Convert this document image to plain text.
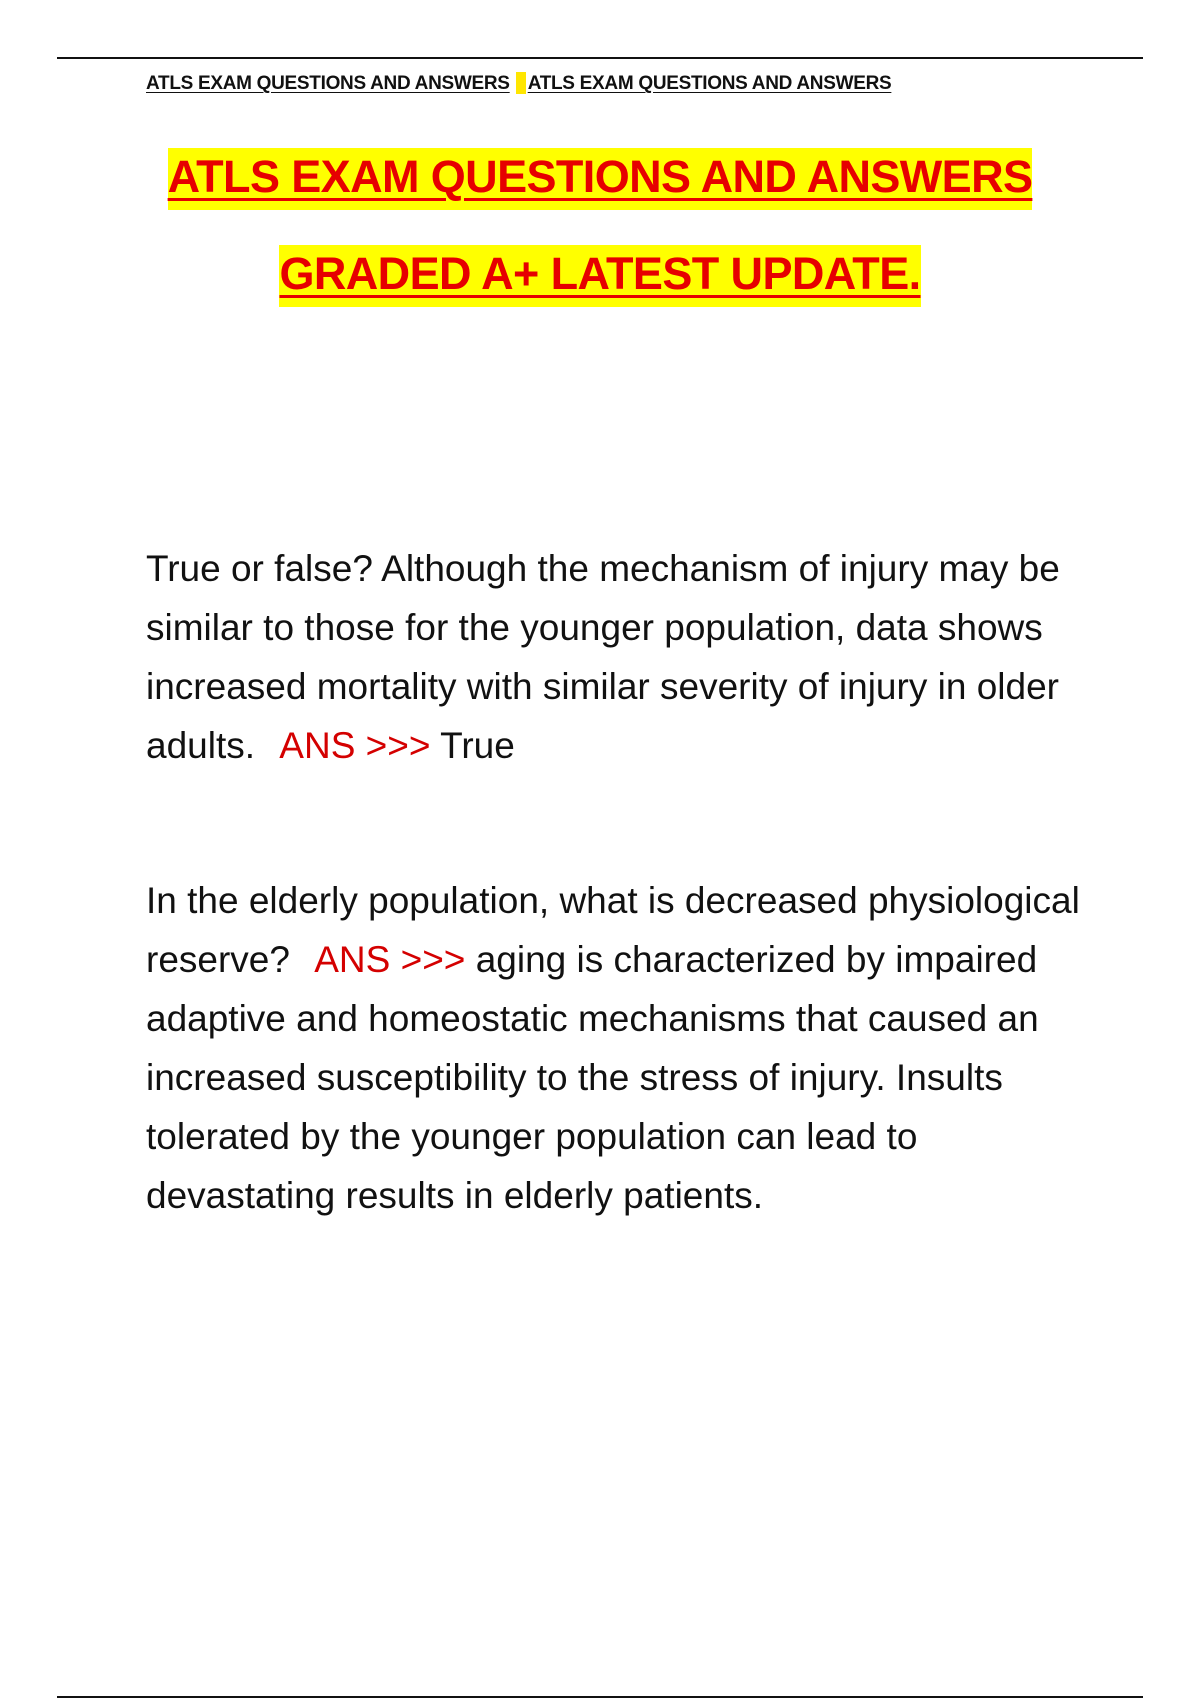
ATLS EXAM QUESTIONS AND ANSWERS ATLS EXAM QUESTIONS AND ANSWERS
ATLS EXAM QUESTIONS AND ANSWERS
GRADED A+ LATEST UPDATE.
True or false? Although the mechanism of injury may be similar to those for the younger population, data shows increased mortality with similar severity of injury in older adults. ANS >>> True
In the elderly population, what is decreased physiological reserve? ANS >>> aging is characterized by impaired adaptive and homeostatic mechanisms that caused an increased susceptibility to the stress of injury. Insults tolerated by the younger population can lead to devastating results in elderly patients.
